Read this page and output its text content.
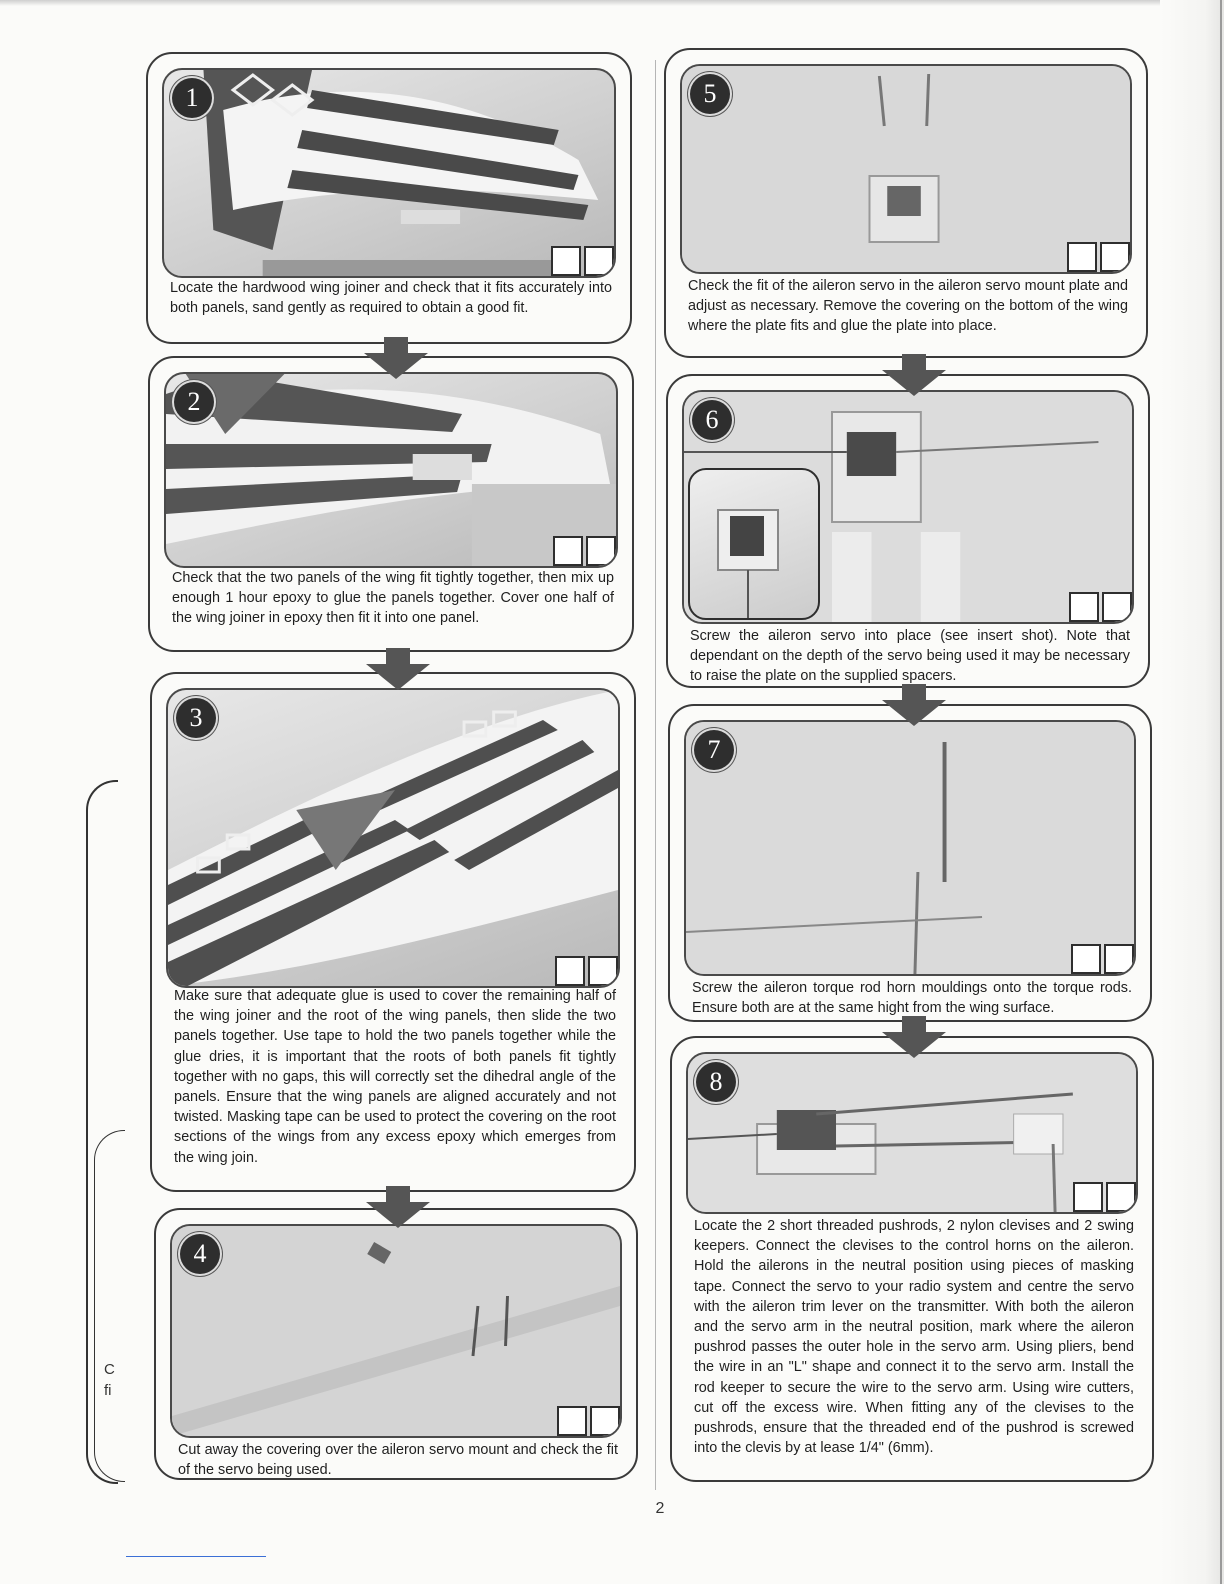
C
fi
1
Locate the hardwood wing joiner and check that it fits accurately into both panels, sand gently as required to obtain a good fit.
2
Check that the two panels of the wing fit tightly together, then mix up enough 1 hour epoxy to glue the panels together. Cover one half of the wing joiner in epoxy then fit it into one panel.
3
Make sure that adequate glue is used to cover the remaining half of the wing joiner and the root of the wing panels, then slide the two panels together. Use tape to hold the two panels together while the glue dries, it is important that the roots of both panels fit tightly together with no gaps, this will correctly set the dihedral angle of the panels. Ensure that the wing panels are aligned accurately and not twisted. Masking tape can be used to protect the covering on the root sections of the wings from any excess epoxy which emerges from the wing join.
4
Cut away the covering over the aileron servo mount and check the fit of the servo being used.
5
Check the fit of the aileron servo in the aileron servo mount plate and adjust as necessary. Remove the covering on the bottom of the wing where the plate fits and glue the plate into place.
6
Screw the aileron servo into place (see insert shot). Note that dependant on the depth of the servo being used it may be necessary to raise the plate on the supplied spacers.
7
Screw the aileron torque rod horn mouldings onto the torque rods. Ensure both are at the same hight from the wing surface.
8
Locate the 2 short threaded pushrods, 2 nylon clevises and 2 swing keepers. Connect the clevises to the control horns on the aileron. Hold the ailerons in the neutral position using pieces of masking tape. Connect the servo to your radio system and centre the servo with the aileron trim lever on the transmitter. With both the aileron and the servo arm in the neutral position, mark where the aileron pushrod passes the outer hole in the servo arm. Using pliers, bend the wire in an "L" shape and connect it to the servo arm. Install the rod keeper to secure the wire to the servo arm. Using wire cutters, cut off the excess wire. When fitting any of the clevises to the pushrods, ensure that the threaded end of the pushrod is screwed into the clevis by at lease 1/4" (6mm).
2
